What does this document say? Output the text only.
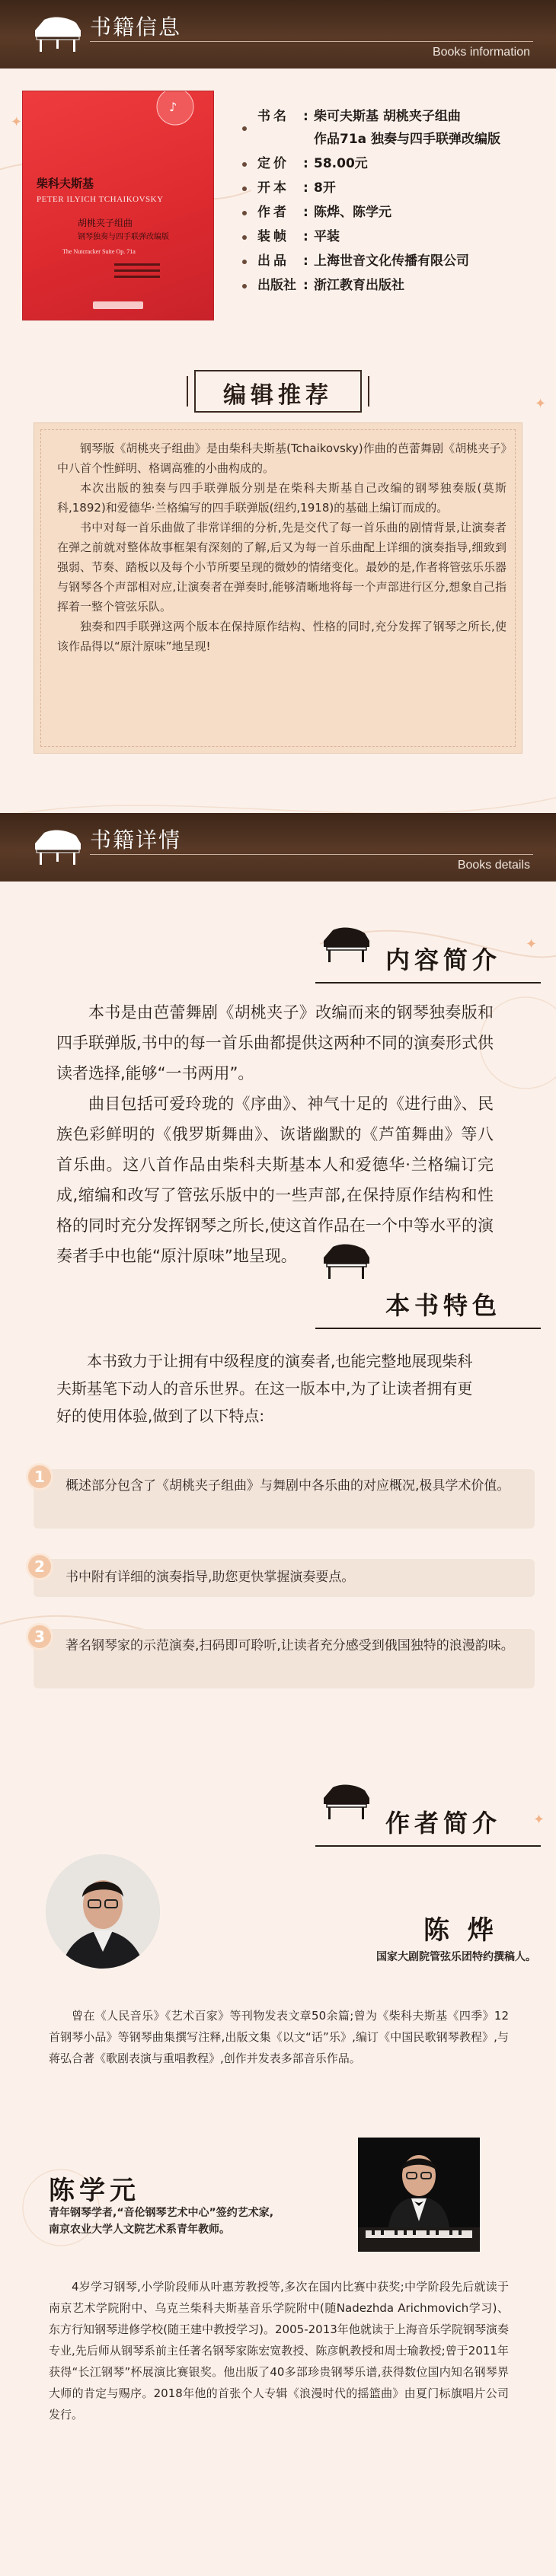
✦
✦
✦
✦
书籍信息
Books information
♪
柴科夫斯基
PETER ILYICH TCHAIKOVSKY
胡桃夹子组曲
钢琴独奏与四手联弹改编版
The Nutcracker Suite Op. 71a
书名	: 柴可夫斯基 胡桃夹子组曲
作品71a 独奏与四手联弹改编版
定价	: 58.00元
开本	: 8开
作者	: 陈烨、陈学元
装帧	: 平装
出品	: 上海世音文化传播有限公司
出版社 : 浙江教育出版社
编辑推荐

钢琴版《胡桃夹子组曲》是由柴科夫斯基(Tchaikovsky)作曲的芭蕾舞剧《胡桃夹子》中八首个性鲜明、格调高雅的小曲构成的。

本次出版的独奏与四手联弹版分别是在柴科夫斯基自己改编的钢琴独奏版(莫斯科,1892)和爱德华·兰格编写的四手联弹版(纽约,1918)的基础上编订而成的。

书中对每一首乐曲做了非常详细的分析,先是交代了每一首乐曲的剧情背景,让演奏者在弹之前就对整体故事框架有深刻的了解,后又为每一首乐曲配上详细的演奏指导,细致到强弱、节奏、踏板以及每个小节所要呈现的微妙的情绪变化。最妙的是,作者将管弦乐乐器与钢琴各个声部相对应,让演奏者在弹奏时,能够清晰地将每一个声部进行区分,想象自己指挥着一整个管弦乐队。

独奏和四手联弹这两个版本在保持原作结构、性格的同时,充分发挥了钢琴之所长,使该作品得以“原汁原味”地呈现!

书籍详情
Books details
内容简介

本书是由芭蕾舞剧《胡桃夹子》改编而来的钢琴独奏版和四手联弹版,书中的每一首乐曲都提供这两种不同的演奏形式供读者选择,能够“一书两用”。

曲目包括可爱玲珑的《序曲》、神气十足的《进行曲》、民族色彩鲜明的《俄罗斯舞曲》、诙谐幽默的《芦笛舞曲》等八首乐曲。这八首作品由柴科夫斯基本人和爱德华·兰格编订完成,缩编和改写了管弦乐版中的一些声部,在保持原作结构和性格的同时充分发挥钢琴之所长,使这首作品在一个中等水平的演奏者手中也能“原汁原味”地呈现。

本书特色

本书致力于让拥有中级程度的演奏者,也能完整地展现柴科夫斯基笔下动人的音乐世界。在这一版本中,为了让读者拥有更好的使用体验,做到了以下特点:

1	概述部分包含了《胡桃夹子组曲》与舞剧中各乐曲的对应概况,极具学术价值。
2
书中附有详细的演奏指导,助您更快掌握演奏要点。
3	著名钢琴家的示范演奏,扫码即可聆听,让读者充分感受到俄国独特的浪漫韵味。
作者简介
陈 烨
国家大剧院管弦乐团特约撰稿人。

曾在《人民音乐》《艺术百家》等刊物发表文章50余篇;曾为《柴科夫斯基《四季》12首钢琴小品》等钢琴曲集撰写注释,出版文集《以文“话”乐》,编订《中国民歌钢琴教程》,与蒋弘合著《歌剧表演与重唱教程》,创作并发表多部音乐作品。

陈学元
青年钢琴学者,“音伦钢琴艺术中心”签约艺术家,
南京农业大学人文院艺术系青年教师。

4岁学习钢琴,小学阶段师从叶惠芳教授等,多次在国内比赛中获奖;中学阶段先后就读于南京艺术学院附中、乌克兰柴科夫斯基音乐学院附中(随Nadezhda Arichmovich学习)、东方行知钢琴进修学校(随王建中教授学习)。2005-2013年他就读于上海音乐学院钢琴演奏专业,先后师从钢琴系前主任著名钢琴家陈宏宽教授、陈彦帆教授和周士瑜教授;曾于2011年获得“长江钢琴”杯展演比赛银奖。他出版了40多部珍贵钢琴乐谱,获得数位国内知名钢琴界大师的肯定与赐序。2018年他的首张个人专辑《浪漫时代的摇篮曲》由夏门标旗唱片公司发行。
